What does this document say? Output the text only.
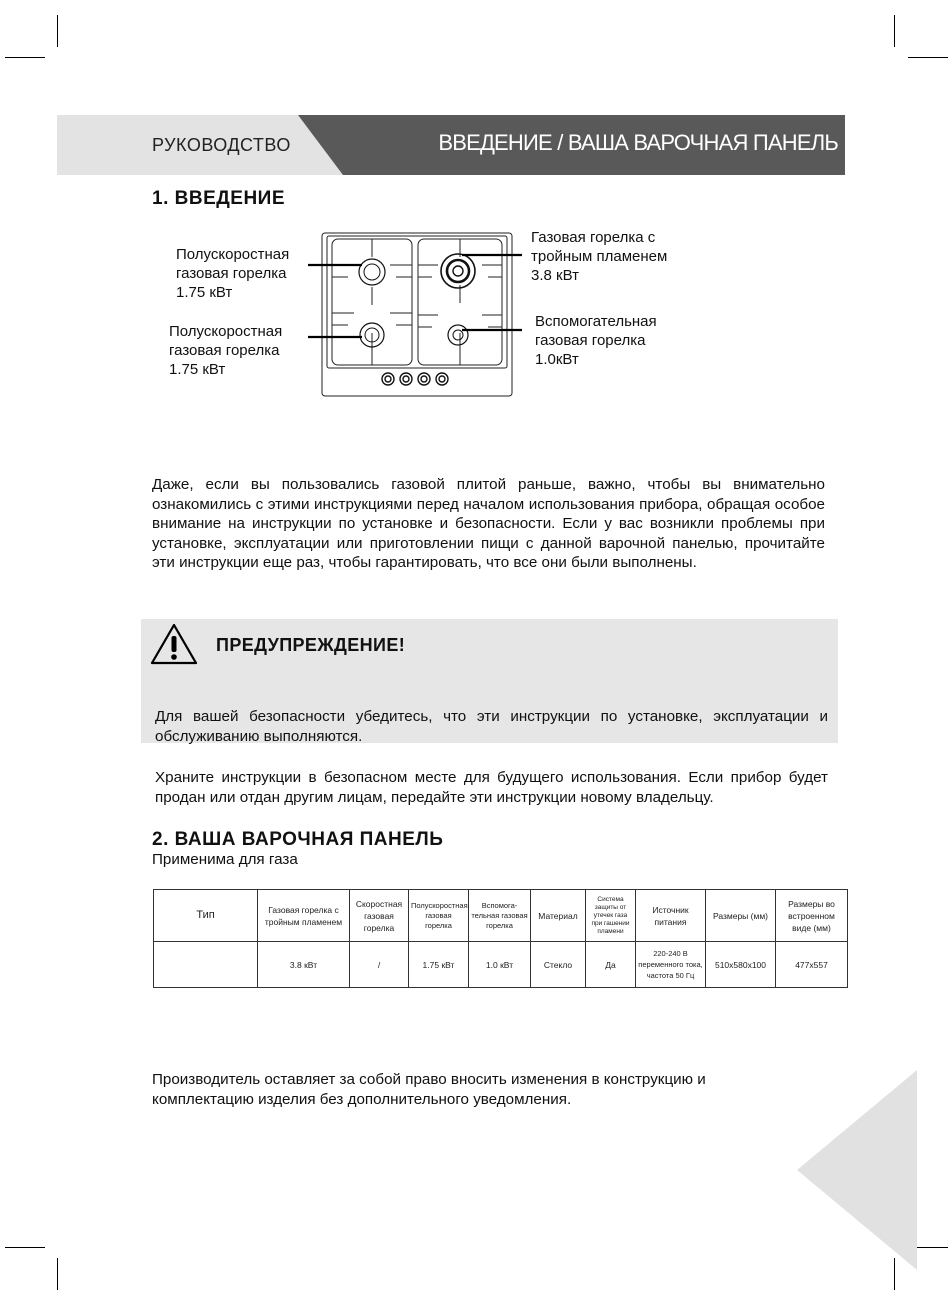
РУКОВОДСТВО	ВВЕДЕНИЕ / ВАША ВАРОЧНАЯ ПАНЕЛЬ
1. ВВЕДЕНИЕ
Полускоростная
газовая горелка
1.75 кВт
Полускоростная
газовая горелка
1.75 кВт
Газовая горелка с
тройным пламенем
3.8 кВт
Вспомогательная
газовая горелка
1.0кВт
Даже, если вы пользовались газовой плитой раньше, важно, чтобы вы внимательно ознакомились с этими инструкциями перед началом использования прибора, обращая особое внимание на инструкции по установке и безопасности. Если у вас возникли проблемы при установке, эксплуатации или приготовлении пищи с данной варочной панелью, прочитайте эти инструкции еще раз, чтобы гарантировать, что все они были выполнены.
ПРЕДУПРЕЖДЕНИЕ!
Для вашей безопасности убедитесь, что эти инструкции по установке, эксплуатации и обслуживанию выполняются.
Храните инструкции в безопасном месте для будущего использования. Если прибор будет продан или отдан другим лицам, передайте эти инструкции новому владельцу.
2. ВАША ВАРОЧНАЯ ПАНЕЛЬ
Применима для газа
Тип	Газовая горелка с тройным пламенем	Скоростная газовая горелка	Полускоростная газовая горелка	Вспомога-тельная газовая горелка	Материал	Система защиты от утечек газа при гашении пламени	Источник питания	Размеры (мм)	Размеры во встроенном виде (мм)
	3.8 кВт	/	1.75 кВт	1.0 кВт	Стекло	Да	220-240 В переменного тока, частота 50 Гц	510x580x100	477x557
Производитель оставляет за собой право вносить изменения в конструкцию и комплектацию изделия без дополнительного уведомления.
